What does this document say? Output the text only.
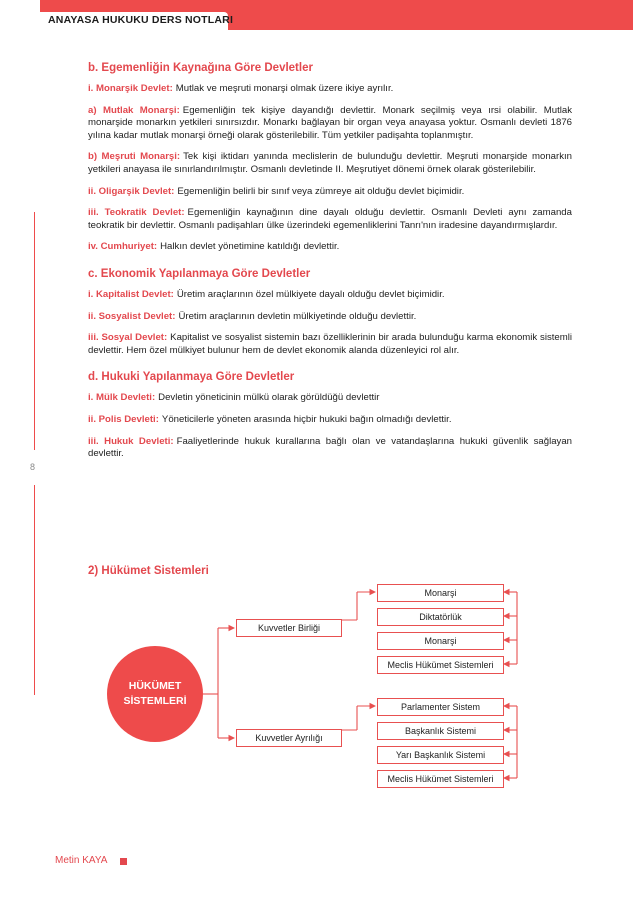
ANAYASA HUKUKU DERS NOTLARI
8
b. Egemenliğin Kaynağına Göre Devletler

i. Monarşik Devlet: Mutlak ve meşruti monarşi olmak üzere ikiye ayrılır.

a) Mutlak Monarşi: Egemenliğin tek kişiye dayandığı devlettir. Monark seçilmiş veya ırsi olabilir. Mutlak monarşide monarkın yetkileri sınırsızdır. Monarkı bağlayan bir organ veya anayasa yoktur. Osmanlı devleti 1876 yılına kadar mutlak monarşi örneği olarak gösterilebilir. Tüm yetkiler padişahta toplanmıştır.

b) Meşruti Monarşi: Tek kişi iktidarı yanında meclislerin de bulunduğu devlettir. Meşruti monarşide monarkın yetkileri anayasa ile sınırlandırılmıştır. Osmanlı devletinde II. Meşrutiyet dönemi örnek olarak gösterilebilir.

ii. Oligarşik Devlet: Egemenliğin belirli bir sınıf veya zümreye ait olduğu devlet biçimidir.

iii. Teokratik Devlet: Egemenliğin kaynağının dine dayalı olduğu devlettir. Osmanlı Devleti aynı zamanda teokratik bir devlettir. Osmanlı padişahları ülke üzerindeki egemenliklerini Tanrı'nın iradesine dayandırmışlardır.

iv. Cumhuriyet: Halkın devlet yönetimine katıldığı devlettir.

c. Ekonomik Yapılanmaya Göre Devletler

i. Kapitalist Devlet: Üretim araçlarının özel mülkiyete dayalı olduğu devlet biçimidir.

ii. Sosyalist Devlet: Üretim araçlarının devletin mülkiyetinde olduğu devlettir.

iii. Sosyal Devlet: Kapitalist ve sosyalist sistemin bazı özelliklerinin bir arada bulunduğu karma ekonomik sistemli devlettir. Hem özel mülkiyet bulunur hem de devlet ekonomik alanda düzenleyici rol alır.

d. Hukuki Yapılanmaya Göre Devletler

i. Mülk Devleti: Devletin yöneticinin mülkü olarak görüldüğü devlettir

ii. Polis Devleti: Yöneticilerle yöneten arasında hiçbir hukuki bağın olmadığı devlettir.

iii. Hukuk Devleti: Faaliyetlerinde hukuk kurallarına bağlı olan ve vatandaşlarına hukuki güvenlik sağlayan devlettir.

2) Hükümet Sistemleri
HÜKÜMET
SİSTEMLERİ
Kuvvetler Birliği
Kuvvetler Ayrılığı
Monarşi
Diktatörlük
Monarşi
Meclis Hükümet Sistemleri
Parlamenter Sistem
Başkanlık Sistemi
Yarı Başkanlık Sistemi
Meclis Hükümet Sistemleri
Metin KAYA
